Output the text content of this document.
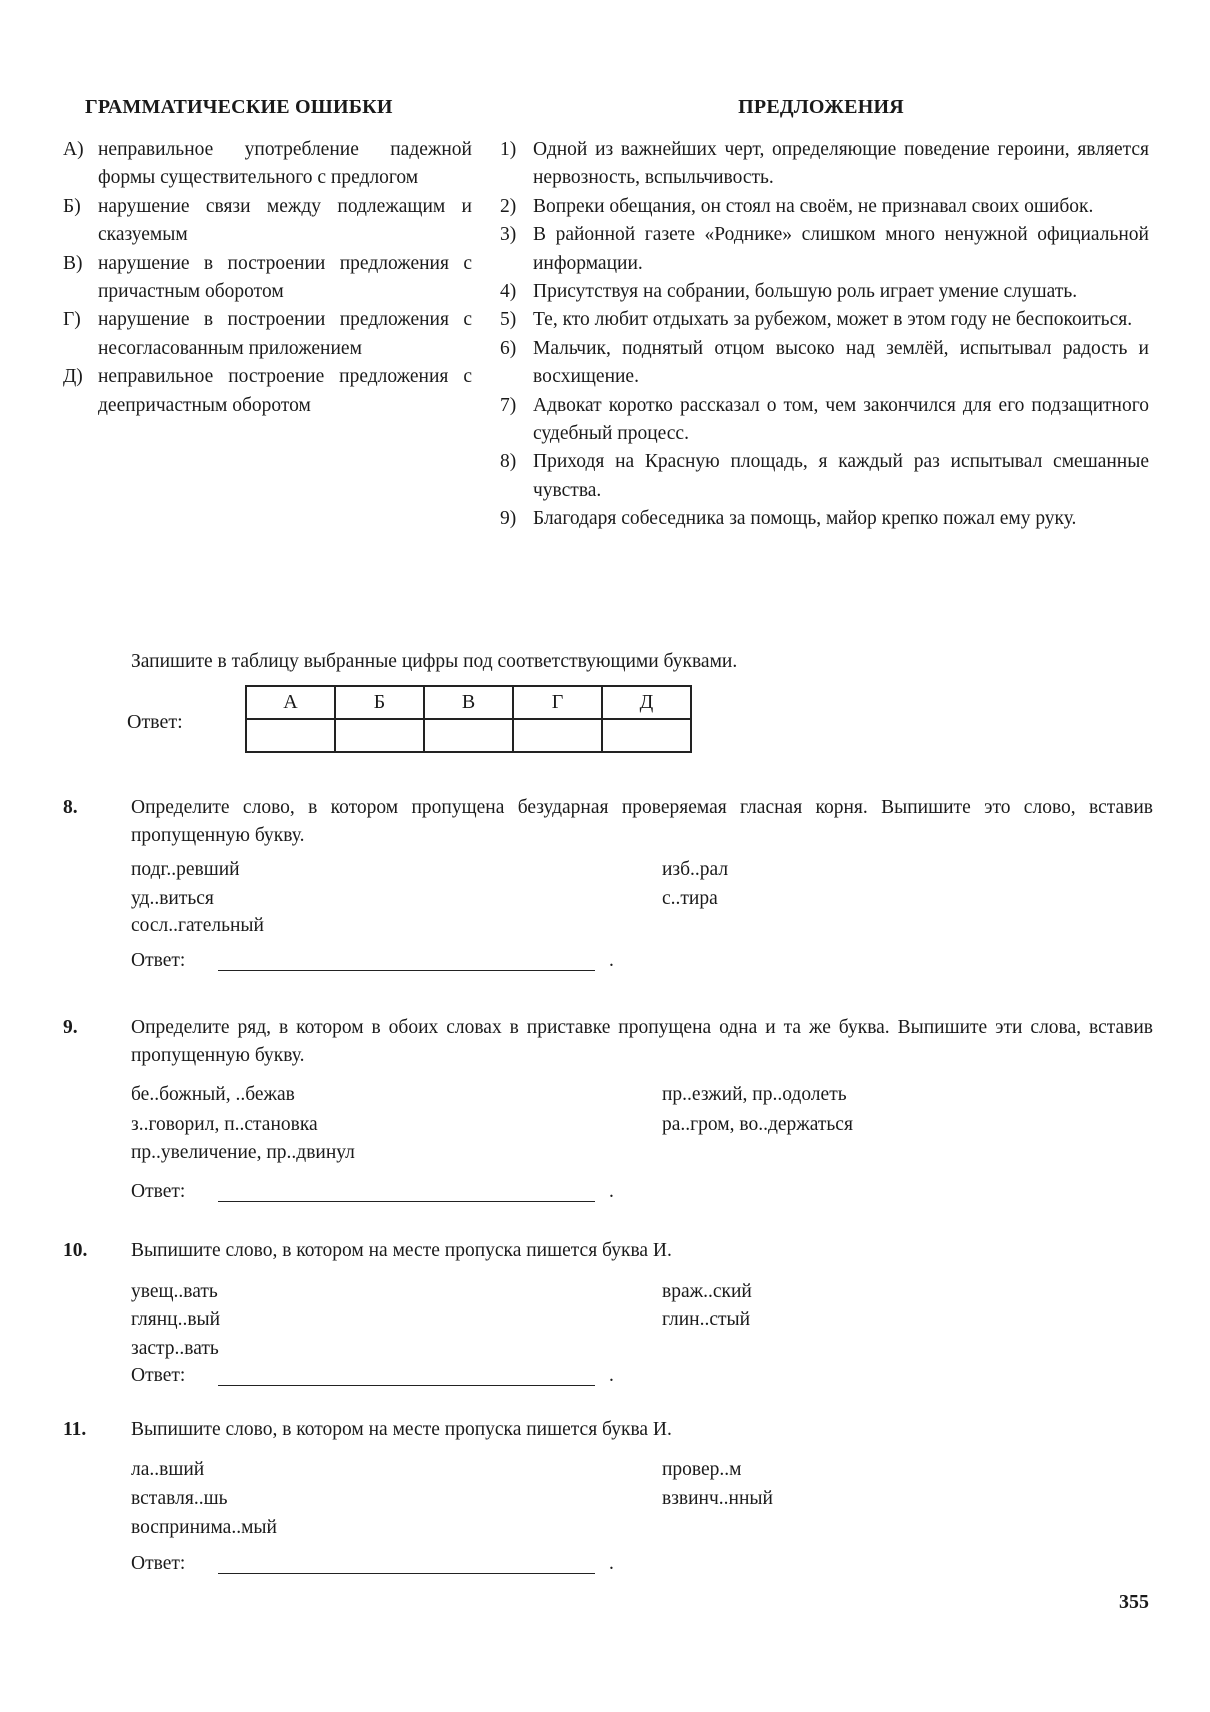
ГРАММАТИЧЕСКИЕ ОШИБКИ	ПРЕДЛОЖЕНИЯ
А) неправильное употребление падежной формы существительного с предлогом
Б) нарушение связи между подлежащим и сказуемым
В) нарушение в построении предложения с причастным оборотом
Г) нарушение в построении предложения с несогласованным приложением
Д) неправильное построение предложения с деепричастным оборотом
1) Одной из важнейших черт, определяющие поведение героини, является нервозность, вспыльчивость.
2) Вопреки обещания, он стоял на своём, не признавал своих ошибок.
3) В районной газете «Роднике» слишком много ненужной официальной информации.
4) Присутствуя на собрании, большую роль играет умение слушать.
5) Те, кто любит отдыхать за рубежом, может в этом году не беспокоиться.
6) Мальчик, поднятый отцом высоко над землёй, испытывал радость и восхищение.
7) Адвокат коротко рассказал о том, чем закончился для его подзащитного судебный процесс.
8) Приходя на Красную площадь, я каждый раз испытывал смешанные чувства.
9) Благодаря собеседника за помощь, майор крепко пожал ему руку.
Запишите в таблицу выбранные цифры под соответствующими буквами.
Ответ:
А	Б	В	Г	Д

8.	Определите слово, в котором пропущена безударная проверяемая гласная корня. Выпишите это слово, вставив пропущенную букву.
подг..ревший
уд..виться
сосл..гательный
изб..рал
с..тира
Ответ:	.
9.	Определите ряд, в котором в обоих словах в приставке пропущена одна и та же буква. Выпишите эти слова, вставив пропущенную букву.
бе..божный, ..бежав
з..говорил, п..становка
пр..увеличение, пр..двинул
пр..езжий, пр..одолеть
ра..гром, во..держаться
Ответ:	.
10. Выпишите слово, в котором на месте пропуска пишется буква И.
увещ..вать
глянц..вый
застр..вать
враж..ский
глин..стый
Ответ:	.
11. Выпишите слово, в котором на месте пропуска пишется буква И.
ла..вший
вставля..шь
воспринима..мый
провер..м
взвинч..нный
Ответ:	.
355
